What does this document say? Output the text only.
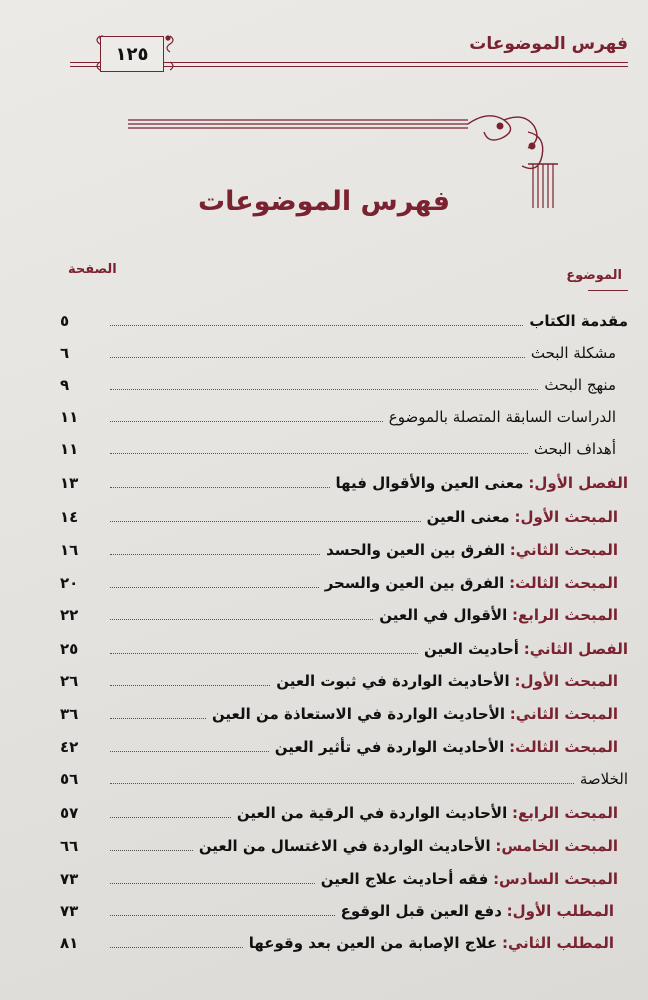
فهرس الموضوعات
١٢٥
فهرس الموضوعات
الموضوع
الصفحة
مقدمة الكتاب
٥
مشكلة البحث
٦
منهج البحث
٩
الدراسات السابقة المتصلة بالموضوع
١١
أهداف البحث
١١
الفصل الأول: معنى العين والأقوال فيها
١٣
المبحث الأول: معنى العين
١٤
المبحث الثاني: الفرق بين العين والحسد
١٦
المبحث الثالث: الفرق بين العين والسحر
٢٠
المبحث الرابع: الأقوال في العين
٢٢
الفصل الثاني: أحاديث العين
٢٥
المبحث الأول: الأحاديث الواردة في ثبوت العين
٢٦
المبحث الثاني: الأحاديث الواردة في الاستعاذة من العين
٣٦
المبحث الثالث: الأحاديث الواردة في تأثير العين
٤٢
الخلاصة
٥٦
المبحث الرابع: الأحاديث الواردة في الرقية من العين
٥٧
المبحث الخامس: الأحاديث الواردة في الاغتسال من العين
٦٦
المبحث السادس: فقه أحاديث علاج العين
٧٣
المطلب الأول: دفع العين قبل الوقوع
٧٣
المطلب الثاني: علاج الإصابة من العين بعد وقوعها
٨١
